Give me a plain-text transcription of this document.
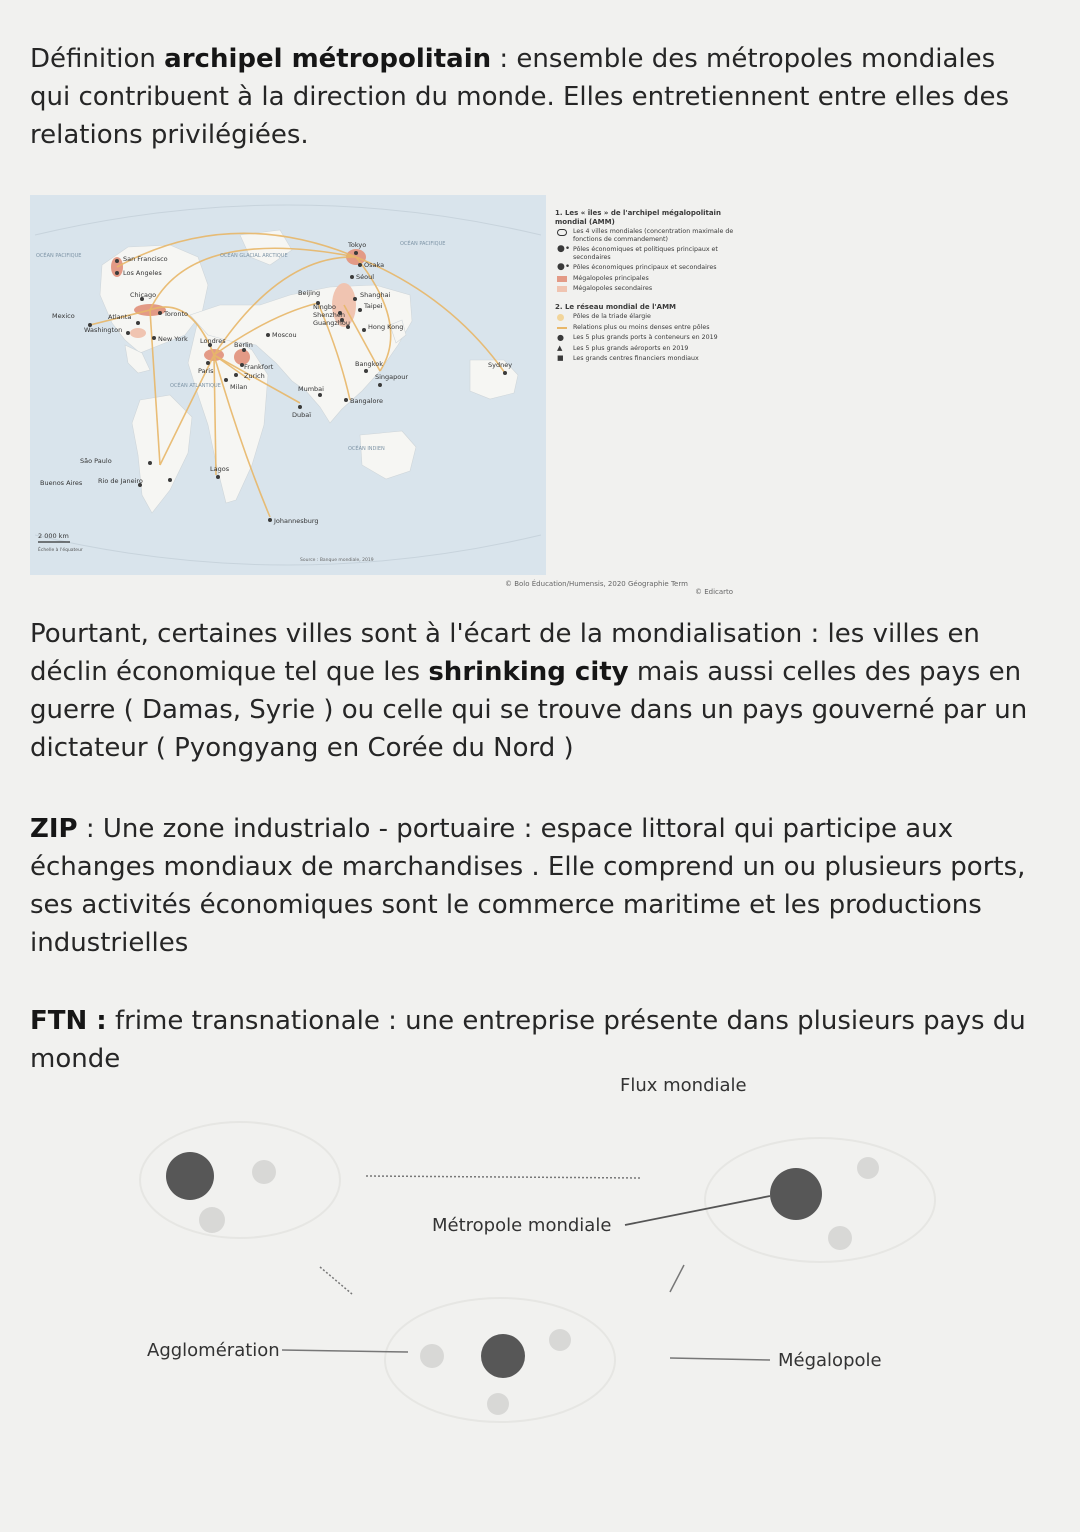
Définition archipel métropolitain : ensemble des métropoles mondiales qui contribuent à la direction du monde. Elles entretiennent entre elles des relations privilégiées.

San Francisco
Los Angeles
Chicago
Toronto
Mexico	Atlanta
Washington
New York Londres
Paris
Berlin
Frankfort
Zurich
Milan
Moscou
Beijing
Tokyo
Osaka
Séoul
Shanghai
Taipei
Ningbo
Shenzhen
Guangzhou	Hong Kong
Bangkok
Singapour
Mumbai
Bangalore
Dubaï
Sydney
Lagos
Johannesburg
São Paulo
Rio de Janeiro
Buenos Aires
OCÉAN PACIFIQUE	OCÉAN GLACIAL ARCTIQUE
OCÉAN PACIFIQUE
OCÉAN ATLANTIQUE
OCÉAN INDIEN
2 000 km
Échelle à l'équateur
Source : Banque mondiale, 2019
1. Les « îles » de l'archipel mégalopolitain mondial (AMM)
Les 4 villes mondiales (concentration maximale de fonctions de commandement)
●• Pôles économiques et politiques principaux et secondaires
●• Pôles économiques principaux et secondaires
Mégalopoles principales
Mégalopoles secondaires
2. Le réseau mondial de l'AMM
Pôles de la triade élargie
Relations plus ou moins denses entre pôles
● Les 5 plus grands ports à conteneurs en 2019
▲ Les 5 plus grands aéroports en 2019
■ Les grands centres financiers mondiaux
© Bolo Éducation/Humensis, 2020 Géographie Term
© Edicarto

Pourtant, certaines villes sont à l'écart de la mondialisation : les villes en déclin économique tel que les shrinking city mais aussi celles des pays en guerre ( Damas, Syrie ) ou celle qui se trouve dans un pays gouverné par un dictateur ( Pyongyang en Corée du Nord )

ZIP : Une zone industrialo - portuaire : espace littoral qui participe aux échanges mondiaux de marchandises . Elle comprend un ou plusieurs ports, ses activités économiques sont le commerce maritime et les productions industrielles

FTN : frime transnationale : une entreprise présente dans plusieurs pays du monde

Flux mondiale
Métropole mondiale
Agglomération	Mégalopole
